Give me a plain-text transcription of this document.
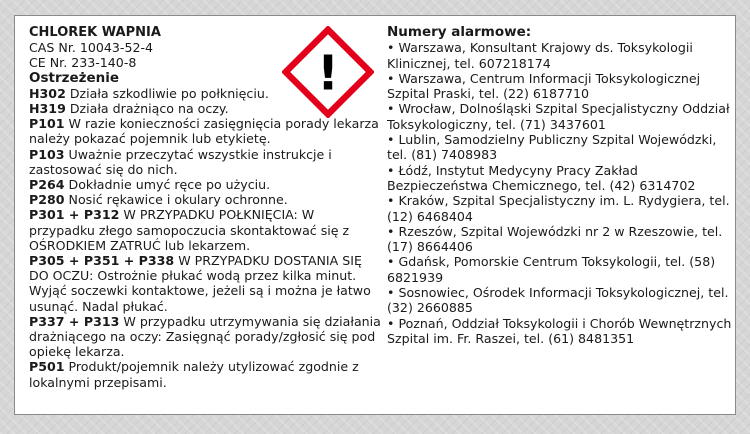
CHLOREK WAPNIA
CAS Nr. 10043-52-4
CE Nr. 233-140-8
Ostrzeżenie

H302 Działa szkodliwie po połknięciu.

H319 Działa drażniąco na oczy.

P101 W razie konieczności zasięgnięcia porady lekarza należy pokazać pojemnik lub etykietę.

P103 Uważnie przeczytać wszystkie instrukcje i zastosować się do nich.

P264 Dokładnie umyć ręce po użyciu.

P280 Nosić rękawice i okulary ochronne.

P301 + P312 W PRZYPADKU POŁKNIĘCIA: W przypadku złego samopoczucia skontaktować się z OŚRODKIEM ZATRUĆ lub lekarzem.

P305 + P351 + P338 W PRZYPADKU DOSTANIA SIĘ DO OCZU: Ostrożnie płukać wodą przez kilka minut. Wyjąć soczewki kontaktowe, jeżeli są i można je łatwo usunąć. Nadal płukać.

P337 + P313 W przypadku utrzymywania się działania drażniącego na oczy: Zasięgnąć porady/zgłosić się pod opiekę lekarza.

P501 Produkt/pojemnik należy utylizować zgodnie z lokalnymi przepisami.

!
Numery alarmowe:

• Warszawa, Konsultant Krajowy ds. Toksykologii Klinicznej, tel. 607218174

• Warszawa, Centrum Informacji Toksykologicznej Szpital Praski, tel. (22) 6187710

• Wrocław, Dolnośląski Szpital Specjalistyczny Oddział Toksykologiczny, tel. (71) 3437601

• Lublin, Samodzielny Publiczny Szpital Wojewódzki, tel. (81) 7408983

• Łódź, Instytut Medycyny Pracy Zakład Bezpieczeństwa Chemicznego, tel. (42) 6314702

• Kraków, Szpital Specjalistyczny im. L. Rydygiera, tel. (12) 6468404

• Rzeszów, Szpital Wojewódzki nr 2 w Rzeszowie, tel. (17) 8664406

• Gdańsk, Pomorskie Centrum Toksykologii, tel. (58) 6821939

• Sosnowiec, Ośrodek Informacji Toksykologicznej, tel. (32) 2660885

• Poznań, Oddział Toksykologii i Chorób Wewnętrznych Szpital im. Fr. Raszei, tel. (61) 8481351
